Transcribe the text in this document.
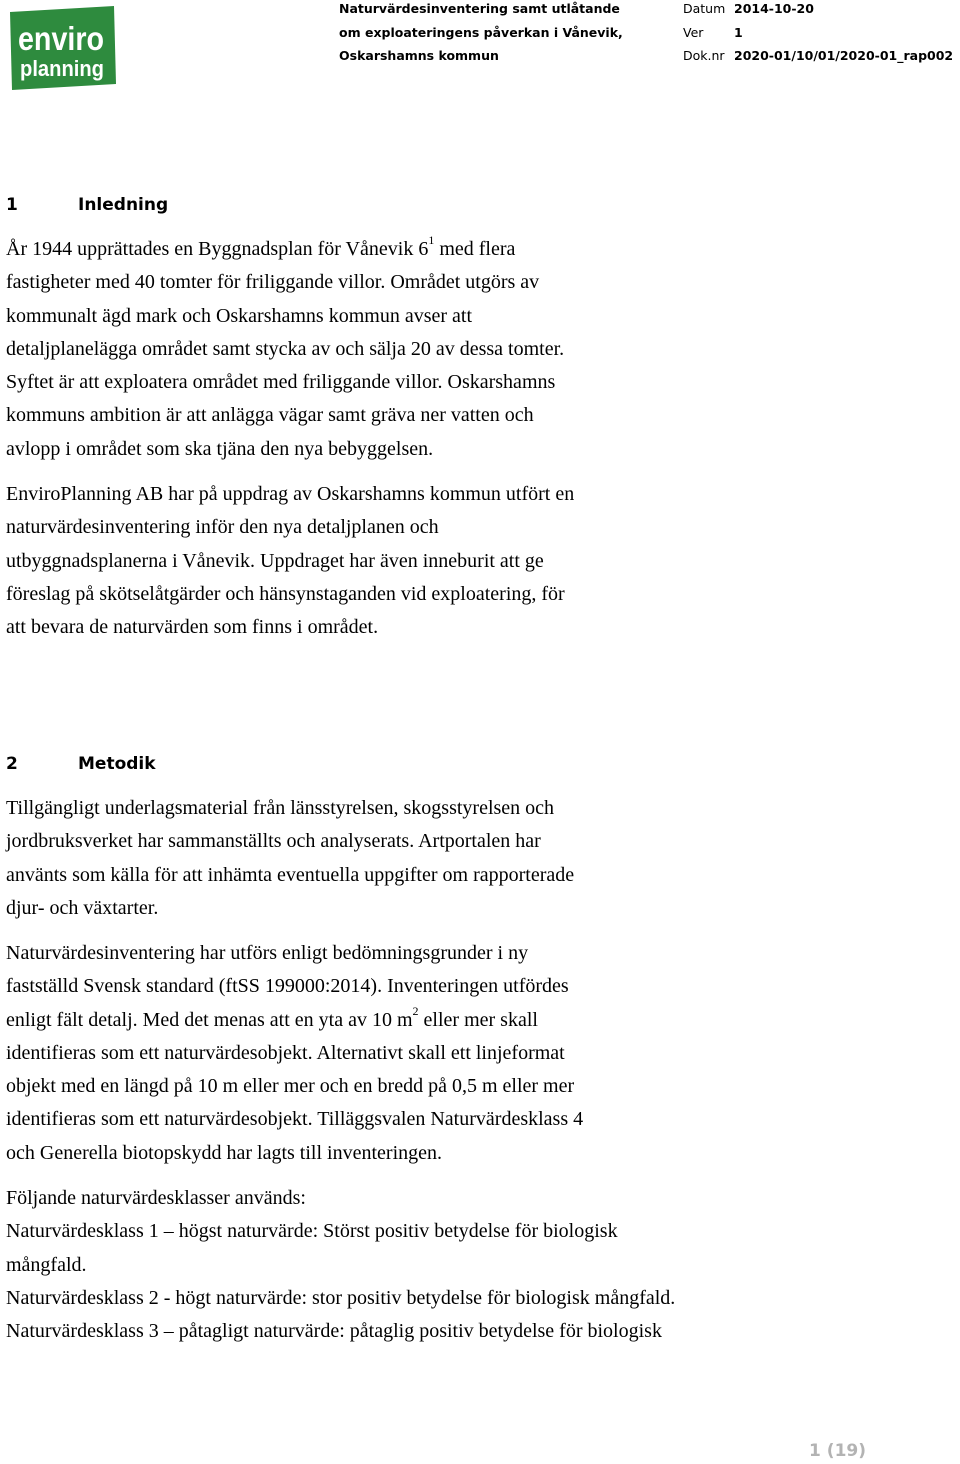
enviro
planning
Naturvärdesinventering samt utlåtande
om exploateringens påverkan i Vånevik,
Oskarshamns kommun
Datum 2014-10-20
Ver 1
Dok.nr 2020-01/10/01/2020-01_rap002
1	Inledning
År 1944 upprättades en Byggnadsplan för Vånevik $6^1$ med flera
fastigheter med 40 tomter för friliggande villor. Området utgörs av
kommunalt ägd mark och Oskarshamns kommun avser att
detaljplanelägga området samt stycka av och sälja 20 av dessa tomter.
Syftet är att exploatera området med friliggande villor. Oskarshamns
kommuns ambition är att anlägga vägar samt gräva ner vatten och
avlopp i området som ska tjäna den nya bebyggelsen.
EnviroPlanning AB har på uppdrag av Oskarshamns kommun utfört en
naturvärdesinventering inför den nya detaljplanen och
utbyggnadsplanerna i Vånevik. Uppdraget har även inneburit att ge
föreslag på skötselåtgärder och hänsynstaganden vid exploatering, för
att bevara de naturvärden som finns i området.
2	Metodik
Tillgängligt underlagsmaterial från länsstyrelsen, skogsstyrelsen och
jordbruksverket har sammanställts och analyserats. Artportalen har
använts som källa för att inhämta eventuella uppgifter om rapporterade
djur- och växtarter.
Naturvärdesinventering har utförs enligt bedömningsgrunder i ny
fastställd Svensk standard (ftSS 199000:2014). Inventeringen utfördes
enligt fält detalj. Med det menas att en yta av 10 $m^2$ eller mer skall
identifieras som ett naturvärdesobjekt. Alternativt skall ett linjeformat
objekt med en längd på 10 m eller mer och en bredd på 0,5 m eller mer
identifieras som ett naturvärdesobjekt. Tilläggsvalen Naturvärdesklass 4
och Generella biotopskydd har lagts till inventeringen.
Följande naturvärdesklasser används:
Naturvärdesklass 1 – högst naturvärde: Störst positiv betydelse för biologisk
mångfald.
Naturvärdesklass 2 - högt naturvärde: stor positiv betydelse för biologisk mångfald.
Naturvärdesklass 3 – påtagligt naturvärde: påtaglig positiv betydelse för biologisk
1 (19)
